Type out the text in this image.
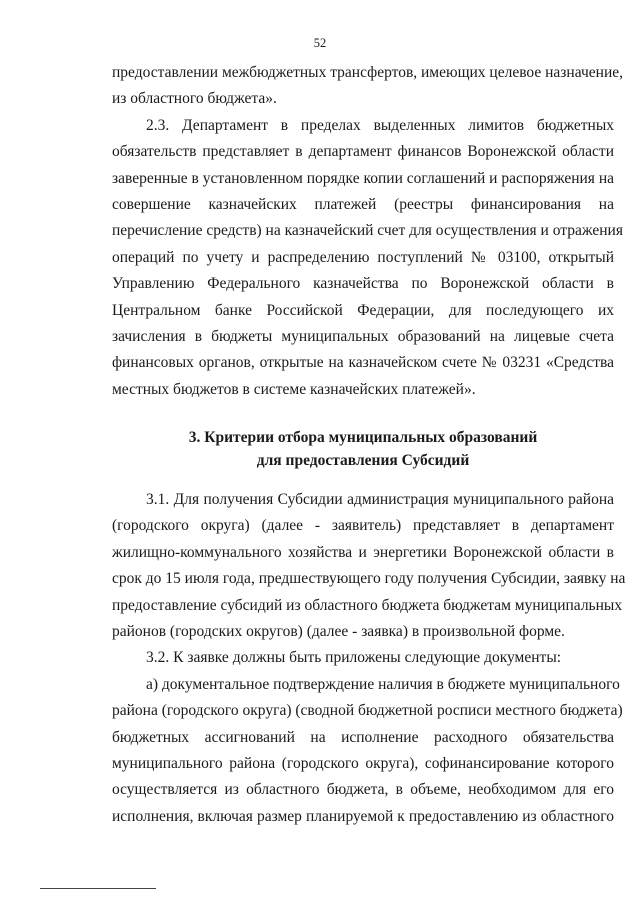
52
предоставлении межбюджетных трансфертов, имеющих целевое назначение,
из областного бюджета».
2.3. Департамент в пределах выделенных лимитов бюджетных
обязательств представляет в департамент финансов Воронежской области
заверенные в установленном порядке копии соглашений и распоряжения на
совершение казначейских платежей (реестры финансирования на
перечисление средств) на казначейский счет для осуществления и отражения
операций по учету и распределению поступлений № 03100, открытый
Управлению Федерального казначейства по Воронежской области в
Центральном банке Российской Федерации, для последующего их
зачисления в бюджеты муниципальных образований на лицевые счета
финансовых органов, открытые на казначейском счете № 03231 «Средства
местных бюджетов в системе казначейских платежей».
3. Критерии отбора муниципальных образований
для предоставления Субсидий
3.1. Для получения Субсидии администрация муниципального района
(городского округа) (далее - заявитель) представляет в департамент
жилищно-коммунального хозяйства и энергетики Воронежской области в
срок до 15 июля года, предшествующего году получения Субсидии, заявку на
предоставление субсидий из областного бюджета бюджетам муниципальных
районов (городских округов) (далее - заявка) в произвольной форме.
3.2. К заявке должны быть приложены следующие документы:
а) документальное подтверждение наличия в бюджете муниципального
района (городского округа) (сводной бюджетной росписи местного бюджета)
бюджетных ассигнований на исполнение расходного обязательства
муниципального района (городского округа), софинансирование которого
осуществляется из областного бюджета, в объеме, необходимом для его
исполнения, включая размер планируемой к предоставлению из областного
